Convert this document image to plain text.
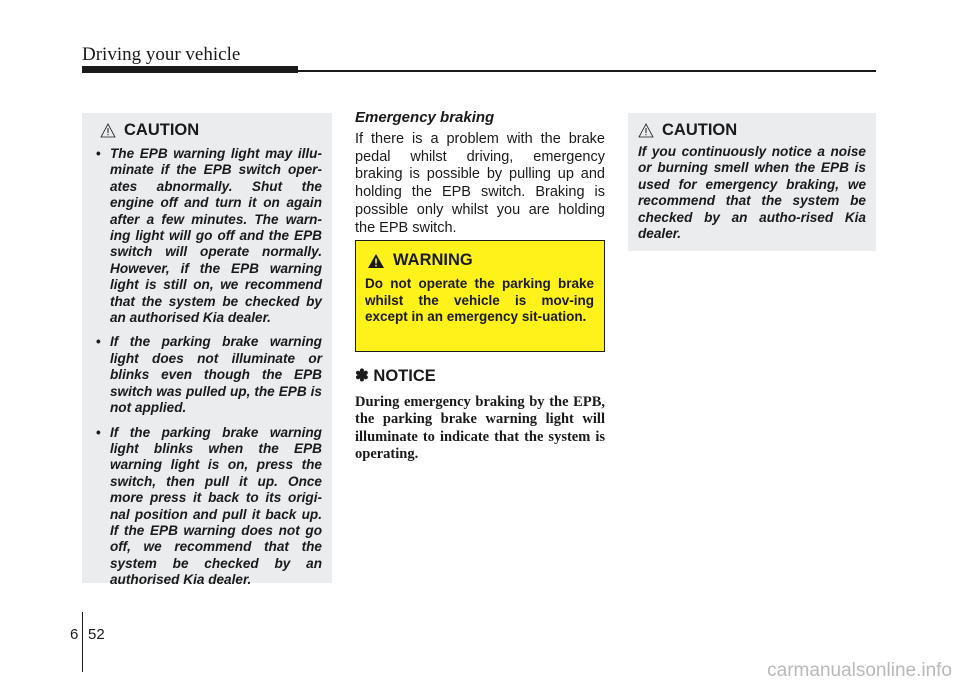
Driving your vehicle
CAUTION
• The EPB warning light may illu-minate if the EPB switch oper-ates abnormally. Shut the engine off and turn it on again after a few minutes. The warn-ing light will go off and the EPB switch will operate normally. However, if the EPB warning light is still on, we recommend that the system be checked by an authorised Kia dealer.
• If the parking brake warning light does not illuminate or blinks even though the EPB switch was pulled up, the EPB is not applied.
• If the parking brake warning light blinks when the EPB warning light is on, press the switch, then pull it up. Once more press it back to its origi-nal position and pull it back up. If the EPB warning does not go off, we recommend that the system be checked by an authorised Kia dealer.
Emergency braking

If there is a problem with the brake pedal whilst driving, emergency braking is possible by pulling up and holding the EPB switch. Braking is possible only whilst you are holding the EPB switch.

WARNING

Do not operate the parking brake whilst the vehicle is mov-ing except in an emergency sit-uation.

✽ NOTICE

During emergency braking by the EPB, the parking brake warning light will illuminate to indicate that the system is operating.

CAUTION

If you continuously notice a noise or burning smell when the EPB is used for emergency braking, we recommend that the system be checked by an autho-rised Kia dealer.

6 52
carmanualsonline.info
